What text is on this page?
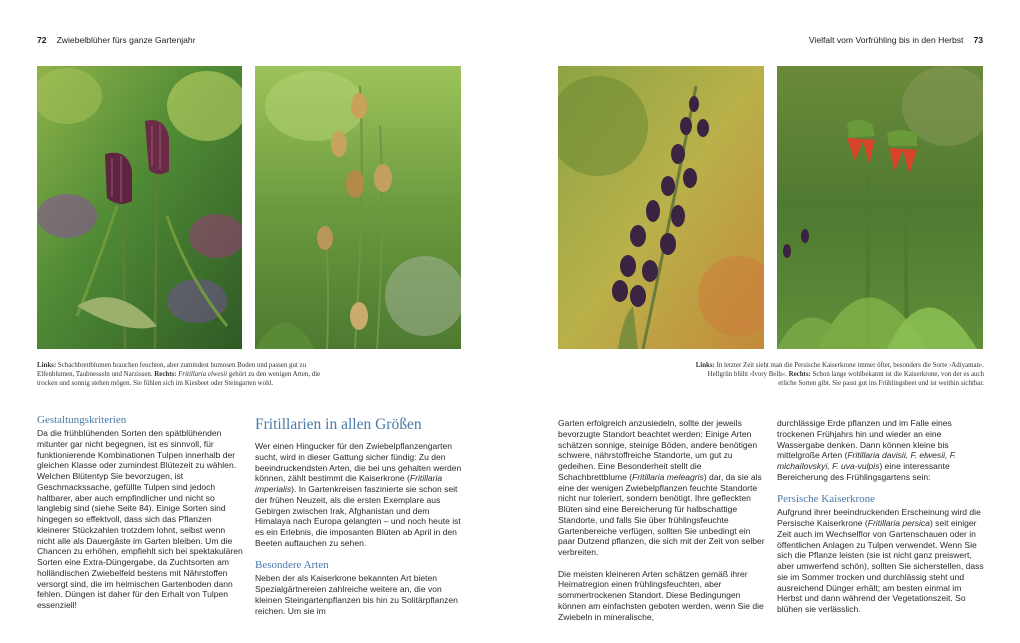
72 Zwiebelblüher fürs ganze Gartenjahr	Vielfalt vom Vorfrühling bis in den Herbst 73
Links: Schachbrettblumen brauchen feuchten, aber zumindest humosen Boden und passen gut zu Elfenblumen, Taubnesseln und Narzissen. Rechts: Fritillaria elwesii gehört zu den wenigen Arten, die trocken und sonnig stehen mögen. Sie fühlen sich im Kiesbeet oder Steingarten wohl.
Links: In letzter Zeit sieht man die Persische Kaiserkrone immer öfter, besonders die Sorte ›Adiyaman‹. Hellgrün blüht ›Ivory Bells‹. Rechts: Schon lange wohlbekannt ist die Kaiserkrone, von der es auch etliche Sorten gibt. Sie passt gut ins Frühlingsbeet und ist weithin sichtbar.
Gestaltungskriterien

Da die frühblühenden Sorten den spätblühenden mitunter gar nicht begegnen, ist es sinnvoll, für funktionierende Kombinationen Tulpen innerhalb der gleichen Klasse oder zumindest Blütezeit zu wählen. Welchen Blütentyp Sie bevorzugen, ist Geschmackssache, gefüllte Tulpen sind jedoch haltbarer, aber auch empfindlicher und nicht so langlebig sind (siehe Seite 84). Einige Sorten sind hingegen so effektvoll, dass sich das Pflanzen kleinerer Stückzahlen trotzdem lohnt, selbst wenn nicht alle als Dauergäste im Garten bleiben. Um die Chancen zu erhöhen, empfiehlt sich bei spektakulären Sorten eine Extra-Düngergabe, da Zuchtsorten am holländischen Zwiebelfeld bestens mit Nährstoffen versorgt sind, die im heimischen Gartenboden dann fehlen. Düngen ist daher für den Erhalt von Tulpen essenziell!

Fritillarien in allen Größen

Wer einen Hingucker für den Zwiebelpflanzengarten sucht, wird in dieser Gattung sicher fündig: Zu den beeindruckendsten Arten, die bei uns gehalten werden können, zählt bestimmt die Kaiserkrone (Fritillaria imperialis). In Gartenkreisen faszinierte sie schon seit der frühen Neuzeit, als die ersten Exemplare aus Gebirgen zwischen Irak, Afghanistan und dem Himalaya nach Europa gelangten – und noch heute ist es ein Erlebnis, die imposanten Blüten ab April in den Beeten auftauchen zu sehen.

Besondere Arten

Neben der als Kaiserkrone bekannten Art bieten Spezialgärtnereien zahlreiche weitere an, die von kleinen Steingartenpflanzen bis hin zu Solitärpflanzen reichen. Um sie im

Garten erfolgreich anzusiedeln, sollte der jeweils bevorzugte Standort beachtet werden: Einige Arten schätzen sonnige, steinige Böden, andere benötigen schwere, nährstoffreiche Standorte, um gut zu gedeihen. Eine Besonderheit stellt die Schachbrettblume (Fritillaria meleagris) dar, da sie als eine der wenigen Zwiebelpflanzen feuchte Standorte nicht nur toleriert, sondern benötigt. Ihre gefleckten Blüten sind eine Bereicherung für halbschattige Standorte, und falls Sie über frühlingsfeuchte Gartenbereiche verfügen, sollten Sie unbedingt ein paar Dutzend pflanzen, die sich mit der Zeit von selber verbreiten.

Die meisten kleineren Arten schätzen gemäß ihrer Heimatregion einen frühlingsfeuchten, aber sommertrockenen Standort. Diese Bedingungen können am einfachsten geboten werden, wenn Sie die Zwiebeln in mineralische,

durchlässige Erde pflanzen und im Falle eines trockenen Frühjahrs hin und wieder an eine Wassergabe denken. Dann können kleine bis mittelgroße Arten (Fritillaria davisii, F. elwesii, F. michailovskyi, F. uva-vulpis) eine interessante Bereicherung des Frühlingsgartens sein:

Persische Kaiserkrone

Aufgrund ihrer beeindruckenden Erscheinung wird die Persische Kaiserkrone (Fritillaria persica) seit einiger Zeit auch im Wechselflor von Gartenschauen oder in öffentlichen Anlagen zu Tulpen verwendet. Wenn Sie sich die Pflanze leisten (sie ist nicht ganz preiswert, aber umwerfend schön), sollten Sie sicherstellen, dass sie im Sommer trocken und durchlässig steht und ausreichend Dünger erhält; am besten einmal im Herbst und dann während der Vegetationszeit. So blühen sie verlässlich.
